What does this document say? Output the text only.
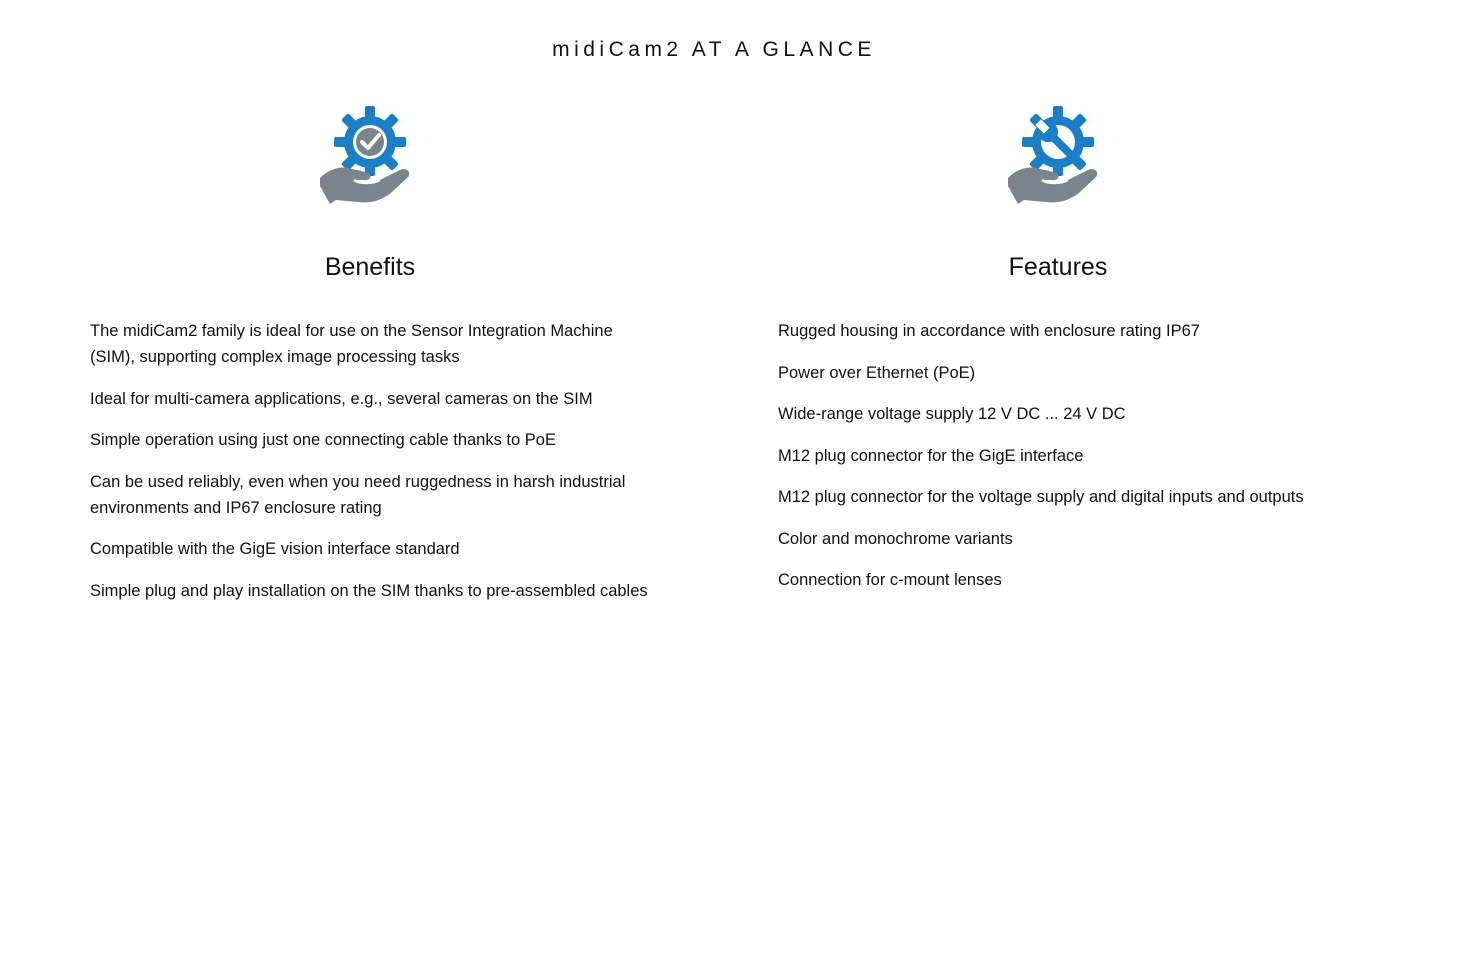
midiCam2 AT A GLANCE
Benefits
The midiCam2 family is ideal for use on the Sensor Integration Machine (SIM), supporting complex image processing tasks
Ideal for multi-camera applications, e.g., several cameras on the SIM
Simple operation using just one connecting cable thanks to PoE
Can be used reliably, even when you need ruggedness in harsh industrial environments and IP67 enclosure rating
Compatible with the GigE vision interface standard
Simple plug and play installation on the SIM thanks to pre-assembled cables
Features
Rugged housing in accordance with enclosure rating IP67
Power over Ethernet (PoE)
Wide-range voltage supply 12 V DC ... 24 V DC
M12 plug connector for the GigE interface
M12 plug connector for the voltage supply and digital inputs and outputs
Color and monochrome variants
Connection for c-mount lenses
